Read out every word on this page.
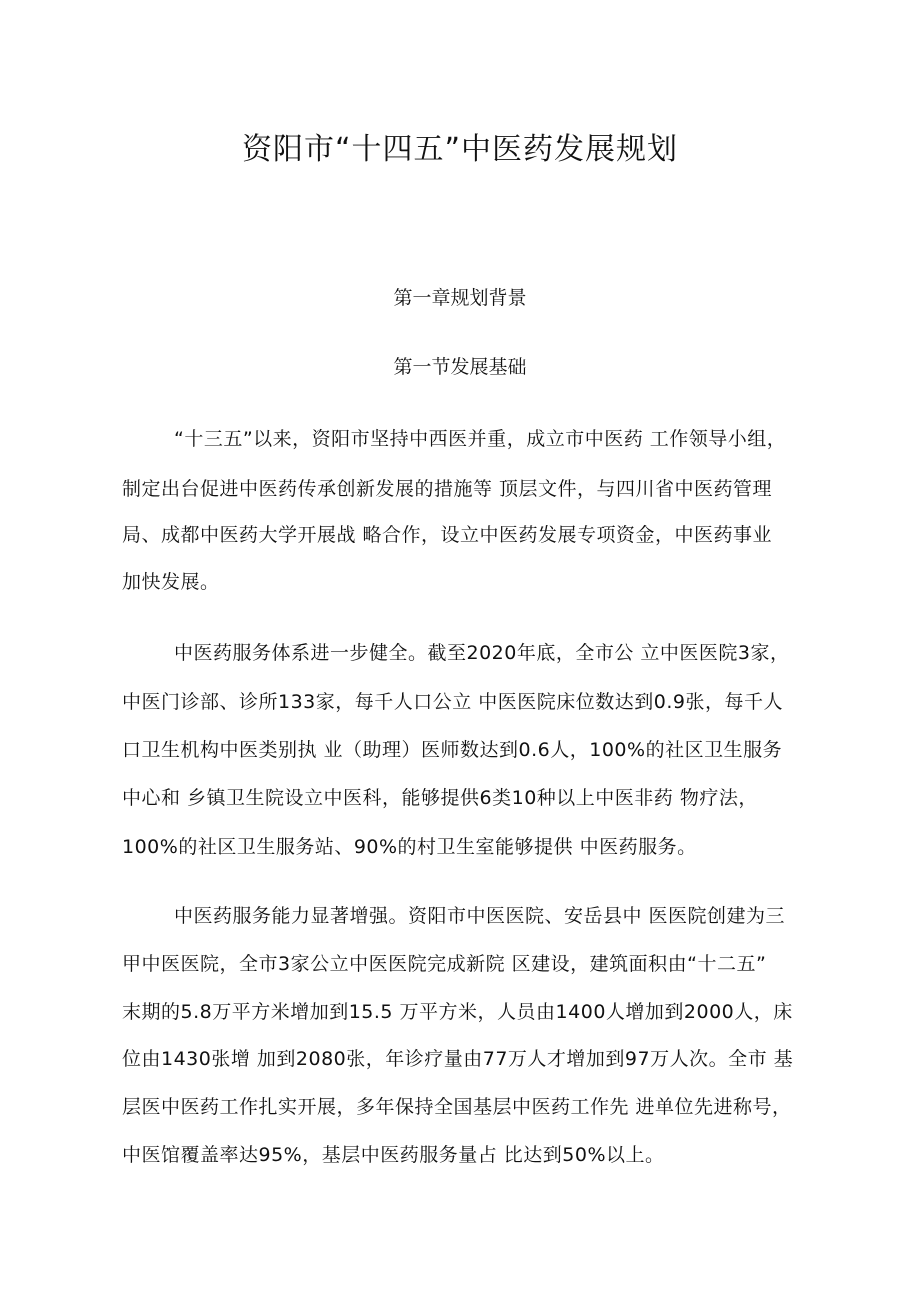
资阳市“十四五”中医药发展规划
第一章规划背景
第一节发展基础
“十三五”以来，资阳市坚持中西医并重，成立市中医药 工作领导小组，
制定出台促进中医药传承创新发展的措施等 顶层文件，与四川省中医药管理
局、成都中医药大学开展战 略合作，设立中医药发展专项资金，中医药事业
加快发展。
中医药服务体系进一步健全。截至2020年底，全市公 立中医医院3家，
中医门诊部、诊所133家，每千人口公立 中医医院床位数达到0.9张，每千人
口卫生机构中医类别执 业（助理）医师数达到0.6人，100%的社区卫生服务
中心和 乡镇卫生院设立中医科，能够提供6类10种以上中医非药 物疗法，
100%的社区卫生服务站、90%的村卫生室能够提供 中医药服务。
中医药服务能力显著增强。资阳市中医医院、安岳县中 医医院创建为三
甲中医医院，全市3家公立中医医院完成新院 区建设，建筑面积由“十二五”
末期的5.8万平方米增加到15.5 万平方米，人员由1400人增加到2000人，床
位由1430张增 加到2080张，年诊疗量由77万人才增加到97万人次。全市 基
层医中医药工作扎实开展，多年保持全国基层中医药工作先 进单位先进称号，
中医馆覆盖率达95%，基层中医药服务量占 比达到50%以上。
